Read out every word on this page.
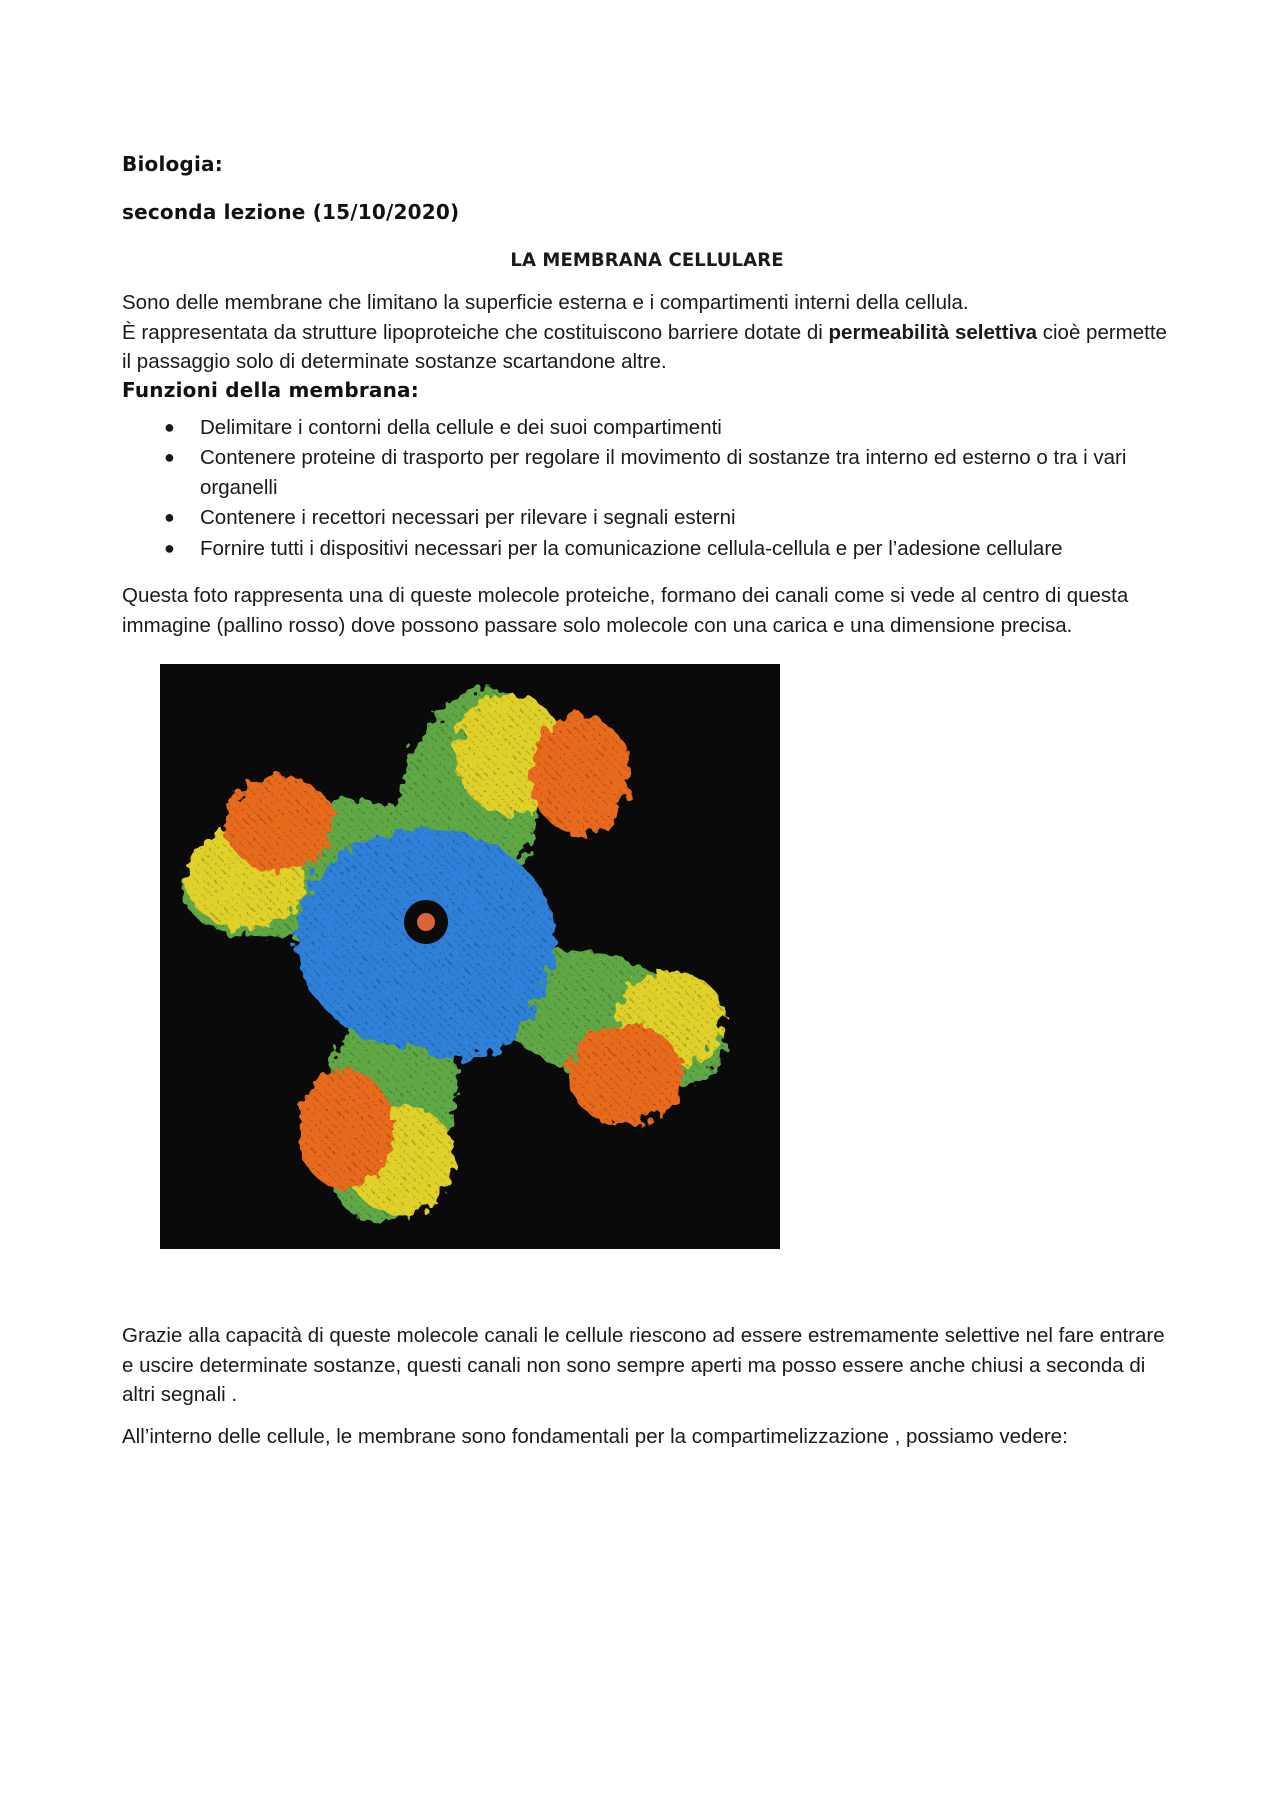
Biologia:
seconda lezione (15/10/2020)
LA MEMBRANA CELLULARE

Sono delle membrane che limitano la superficie esterna e i compartimenti interni della cellula.

È rappresentata da strutture lipoproteiche che costituiscono barriere dotate di permeabilità selettiva cioè permette il passaggio solo di determinate sostanze scartandone altre.

Funzioni della membrana:
● Delimitare i contorni della cellule e dei suoi compartimenti
● Contenere proteine di trasporto per regolare il movimento di sostanze tra interno ed esterno o tra i vari organelli
● Contenere i recettori necessari per rilevare i segnali esterni
● Fornire tutti i dispositivi necessari per la comunicazione cellula-cellula e per l’adesione cellulare

Questa foto rappresenta una di queste molecole proteiche, formano dei canali come si vede al centro di questa immagine (pallino rosso) dove possono passare solo molecole con una carica e una dimensione precisa.

Grazie alla capacità di queste molecole canali le cellule riescono ad essere estremamente selettive nel fare entrare e uscire determinate sostanze, questi canali non sono sempre aperti ma posso essere anche chiusi a seconda di altri segnali .

All’interno delle cellule, le membrane sono fondamentali per la compartimelizzazione , possiamo vedere:
